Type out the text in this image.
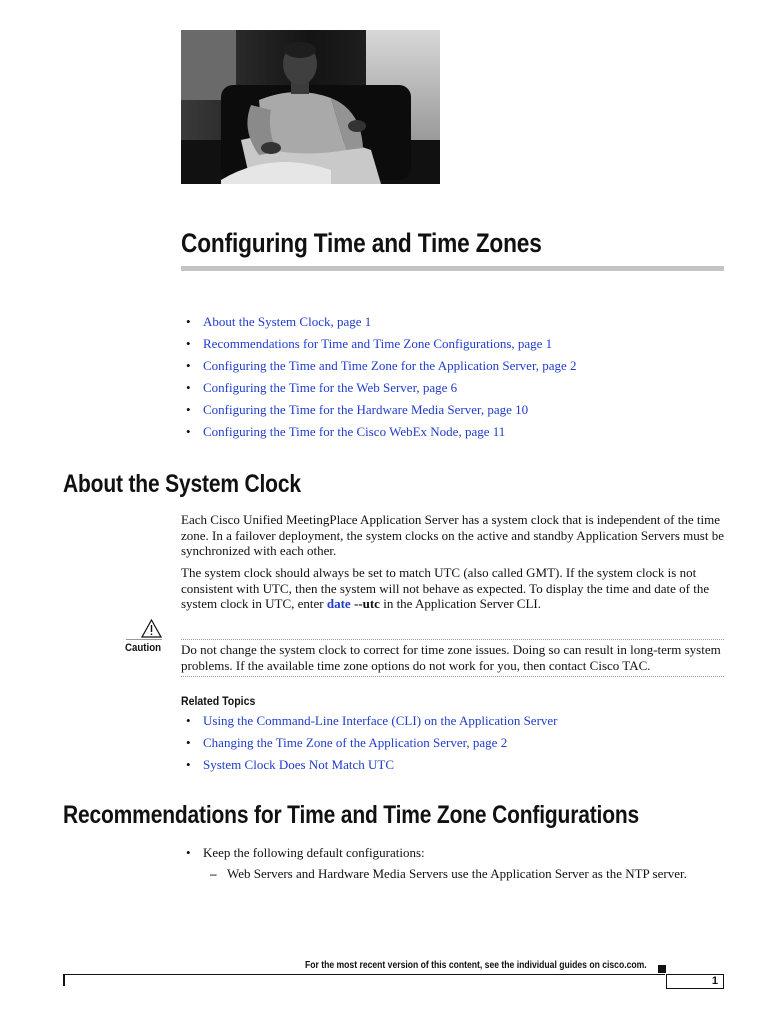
Configuring Time and Time Zones
• About the System Clock, page 1
• Recommendations for Time and Time Zone Configurations, page 1
• Configuring the Time and Time Zone for the Application Server, page 2
• Configuring the Time for the Web Server, page 6
• Configuring the Time for the Hardware Media Server, page 10
• Configuring the Time for the Cisco WebEx Node, page 11
About the System Clock
Each Cisco Unified MeetingPlace Application Server has a system clock that is independent of the time zone. In a failover deployment, the system clocks on the active and standby Application Servers must be synchronized with each other.
The system clock should always be set to match UTC (also called GMT). If the system clock is not consistent with UTC, then the system will not behave as expected. To display the time and date of the system clock in UTC, enter date --utc in the Application Server CLI.
Caution Do not change the system clock to correct for time zone issues. Doing so can result in long-term system problems. If the available time zone options do not work for you, then contact Cisco TAC.
Related Topics
• Using the Command-Line Interface (CLI) on the Application Server
• Changing the Time Zone of the Application Server, page 2
• System Clock Does Not Match UTC
Recommendations for Time and Time Zone Configurations
• Keep the following default configurations:
– Web Servers and Hardware Media Servers use the Application Server as the NTP server.
For the most recent version of this content, see the individual guides on cisco.com.
1
